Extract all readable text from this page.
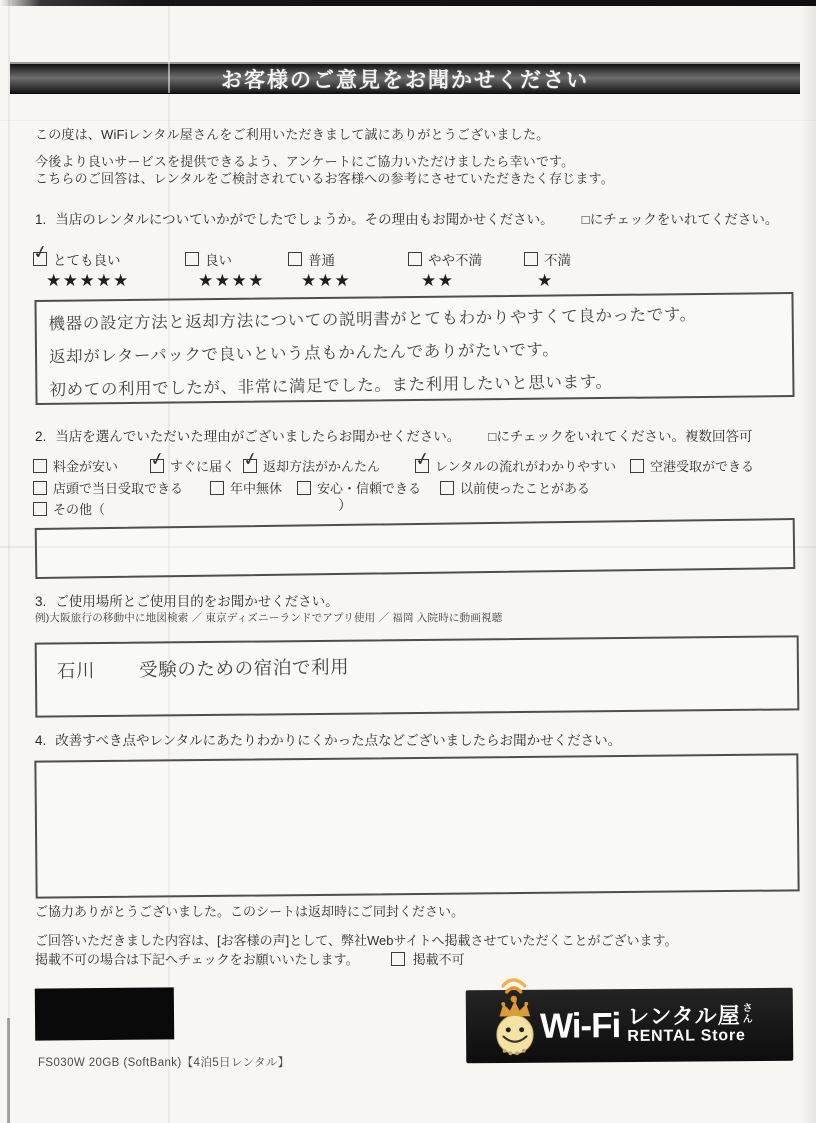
お客様のご意見をお聞かせください
この度は、WiFiレンタル屋さんをご利用いただきまして誠にありがとうございました。
今後より良いサービスを提供できるよう、アンケートにご協力いただけましたら幸いです。
こちらのご回答は、レンタルをご検討されているお客様への参考にさせていただきたく存じます。
1. 当店のレンタルについていかがでしたでしょうか。その理由もお聞かせください。 □にチェックをいれてください。
✓ とても良い
★★★★★
良い
★★★★
普通
★★★
やや不満
★★
不満
★
機器の設定方法と返却方法についての説明書がとてもわかりやすくて良かったです。
返却がレターパックで良いという点もかんたんでありがたいです。
初めての利用でしたが、非常に満足でした。また利用したいと思います。
2. 当店を選んでいただいた理由がございましたらお聞かせください。 □にチェックをいれてください。複数回答可
料金が安い ✓ すぐに届く ✓ 返却方法がかんたん ✓ レンタルの流れがわかりやすい	空港受取ができる
店頭で当日受取できる	年中無休	安心・信頼できる	以前使ったことがある
その他（	）
3. ご使用場所とご使用目的をお聞かせください。
例)大阪旅行の移動中に地図検索 ／ 東京ディズニーランドでアプリ使用 ／ 福岡 入院時に動画視聴
石川 受験のための宿泊で利用
4. 改善すべき点やレンタルにあたりわかりにくかった点などございましたらお聞かせください。
ご協力ありがとうございました。このシートは返却時にご同封ください。
ご回答いただきました内容は、[お客様の声]として、弊社Webサイトへ掲載させていただくことがございます。
掲載不可の場合は下記へチェックをお願いいたします。	掲載不可
FS030W 20GB (SoftBank)【4泊5日レンタル】
Wi-Fi レンタル屋 さ
ん
RENTAL Store
